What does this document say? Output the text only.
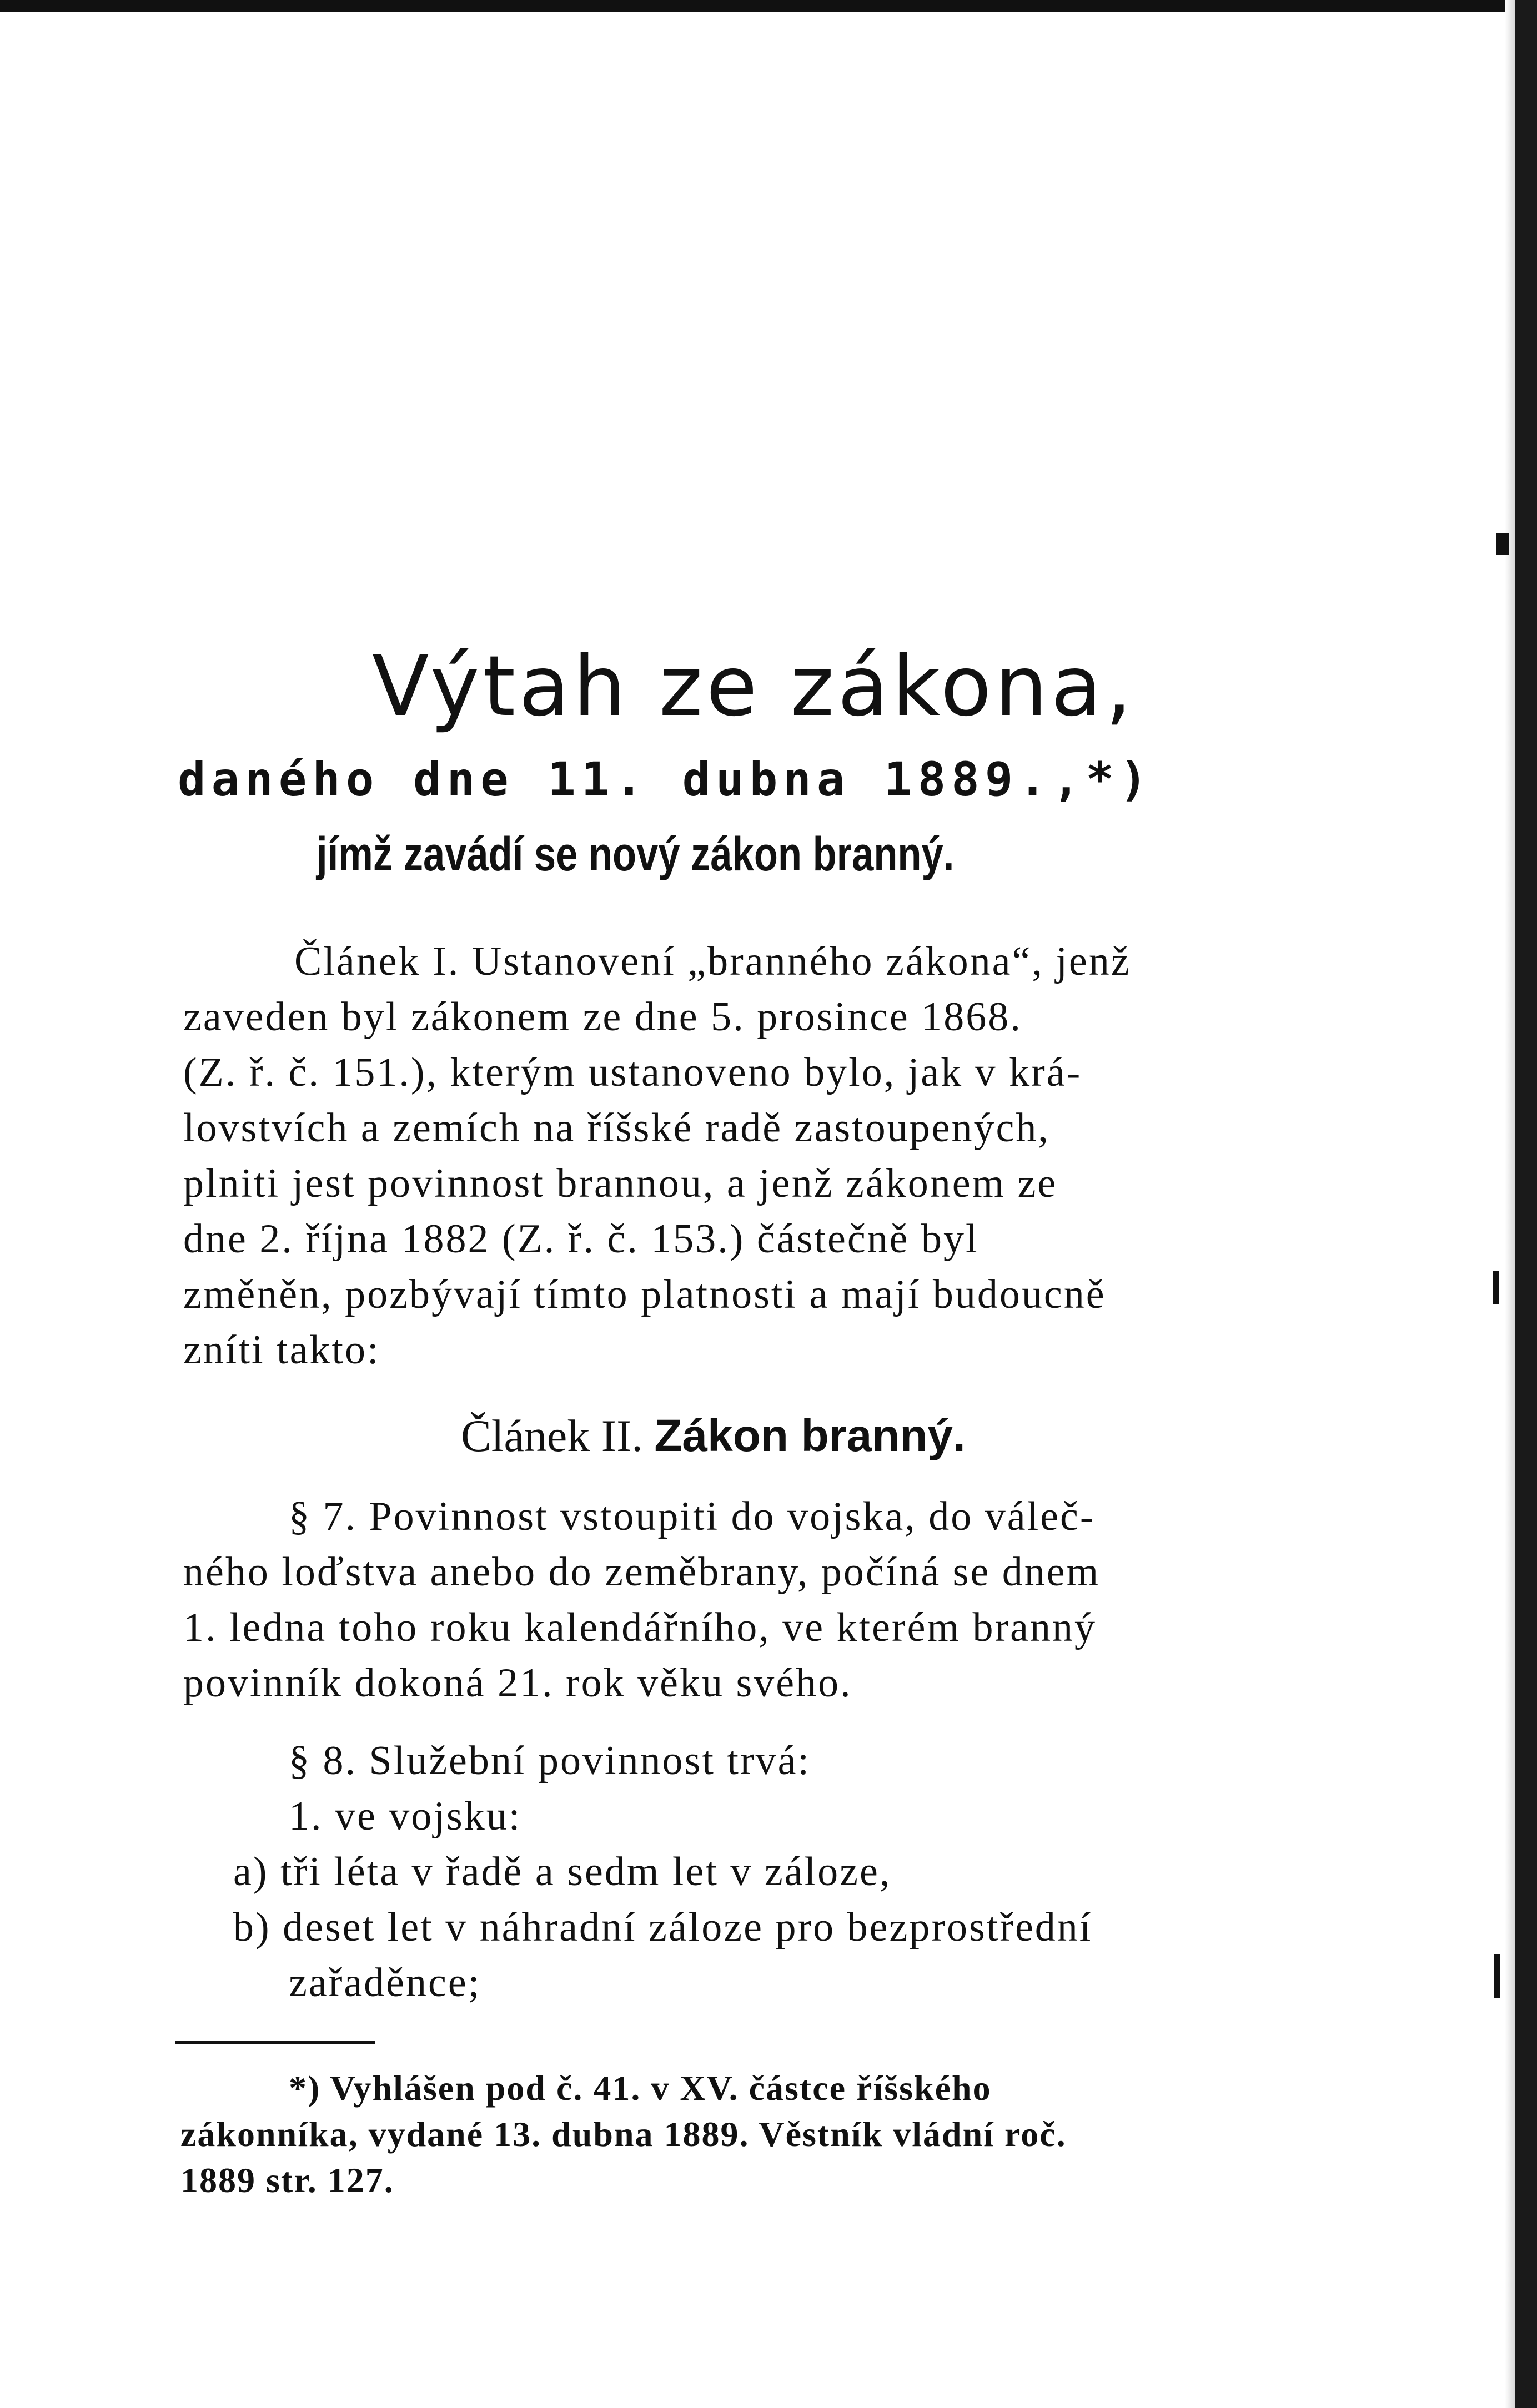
Výtah ze zákona,
daného dne 11. dubna 1889.,*)
jímž zavádí se nový zákon branný.
Článek I. Ustanovení „branného zákona“, jenž
zaveden byl zákonem ze dne 5. prosince 1868.
(Z. ř. č. 151.), kterým ustanoveno bylo, jak v krá-
lovstvích a zemích na říšské radě zastoupených,
plniti jest povinnost brannou, a jenž zákonem ze
dne 2. října 1882 (Z. ř. č. 153.) částečně byl
změněn, pozbývají tímto platnosti a mají budoucně
zníti takto:
Článek II. Zákon branný.
§ 7. Povinnost vstoupiti do vojska, do váleč-
ného loďstva anebo do zeměbrany, počíná se dnem
1. ledna toho roku kalendářního, ve kterém branný
povinník dokoná 21. rok věku svého.
§ 8. Služební povinnost trvá:
1. ve vojsku:
a) tři léta v řadě a sedm let v záloze,
b) deset let v náhradní záloze pro bezprostřední
zařaděnce;
*) Vyhlášen pod č. 41. v XV. částce říšského
zákonníka, vydané 13. dubna 1889. Věstník vládní roč.
1889 str. 127.
